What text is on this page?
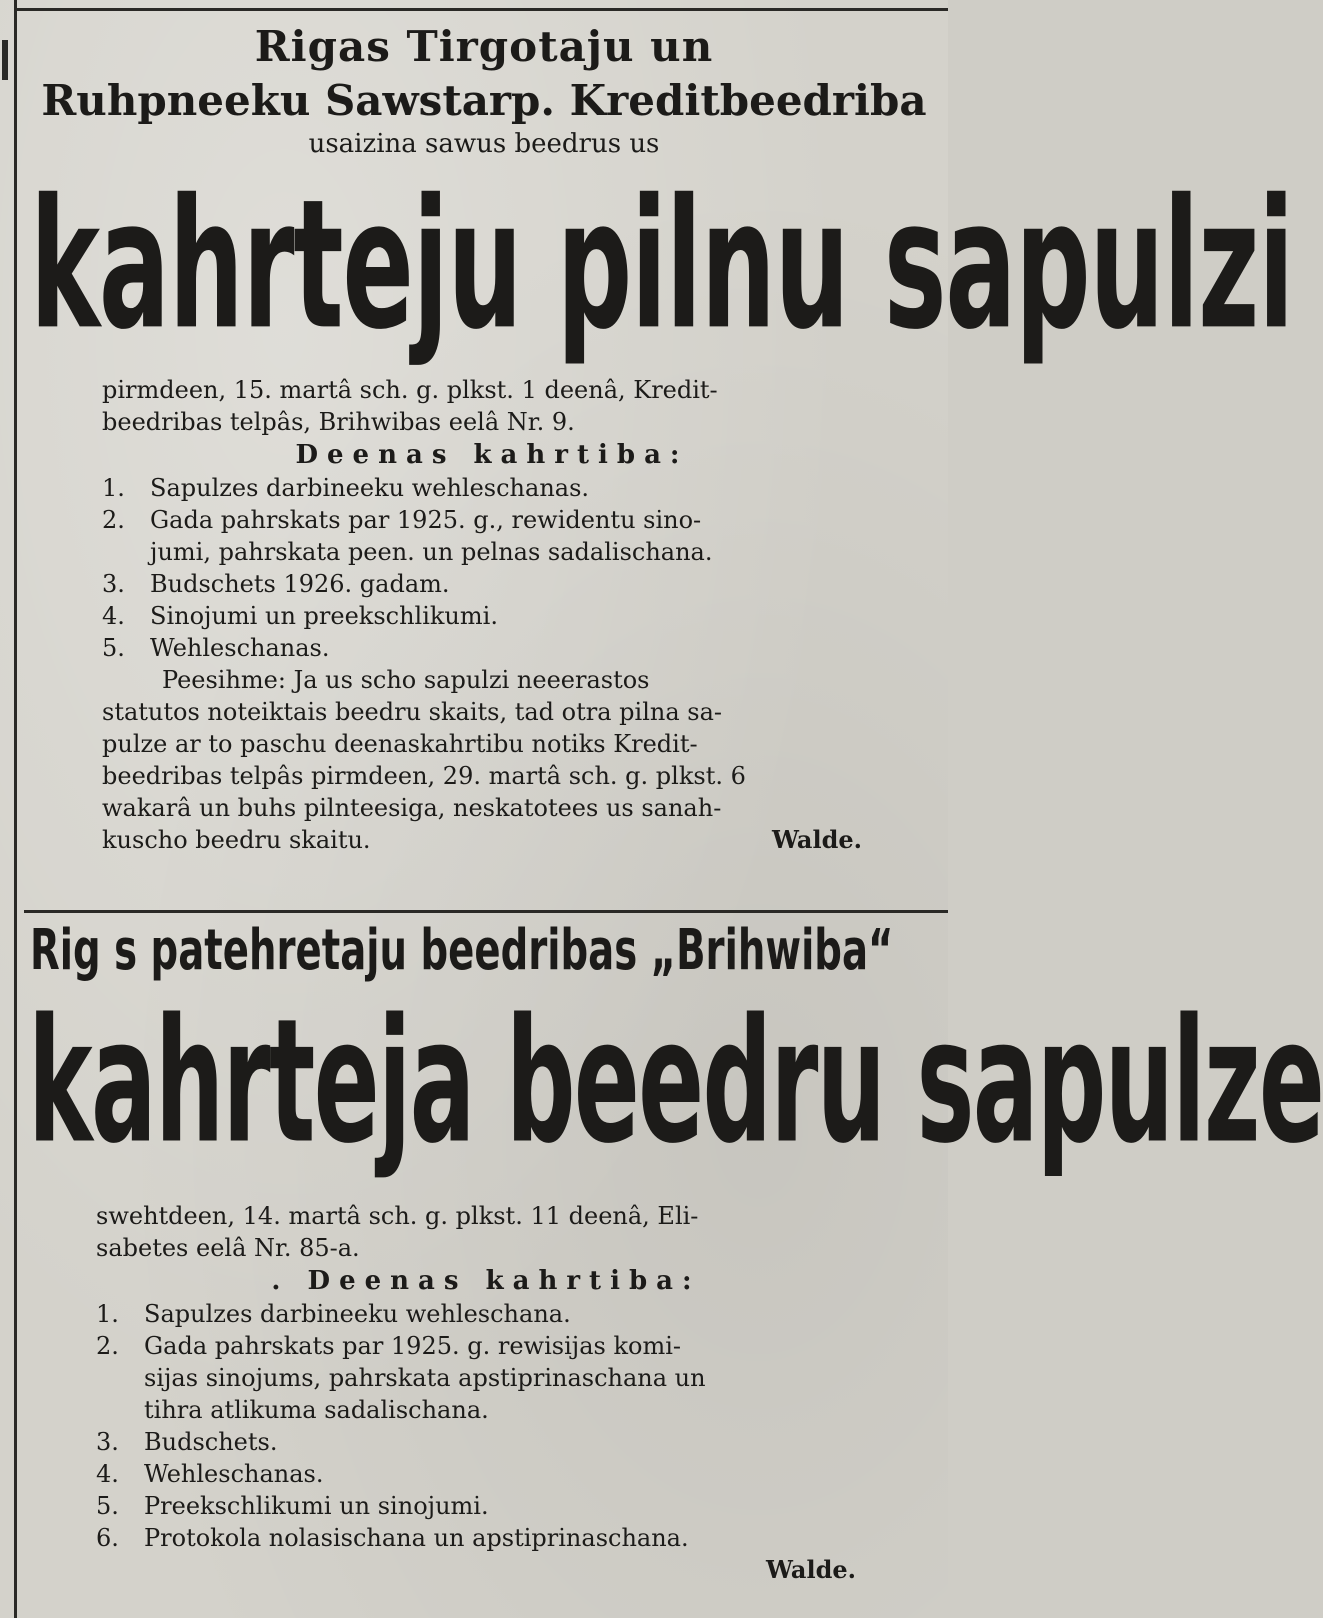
Rigas Tirgotaju un
Ruhpneeku Sawstarp. Kreditbeedriba
usaizina sawus beedrus us
kahrteju pilnu sapulzi

pirmdeen, 15. martâ sch. g. plkst. 1 deenâ, Kredit-

beedribas telpâs, Brihwibas eelâ Nr. 9.

Deenas kahrtiba:
1.	Sapulzes darbineeku wehleschanas.
2.	Gada pahrskats par 1925. g., rewidentu sino-
jumi, pahrskata peen. un pelnas sadalischana.
3.	Budschets 1926. gadam.
4.	Sinojumi un preekschlikumi.
5.	Wehleschanas.
Peesihme: Ja us scho sapulzi neeerastos
statutos noteiktais beedru skaits, tad otra pilna sa-
pulze ar to paschu deenaskahrtibu notiks Kredit-
beedribas telpâs pirmdeen, 29. martâ sch. g. plkst. 6
wakarâ un buhs pilnteesiga, neskatotees us sanah-
kuscho beedru skaitu.	Walde.
Rig s patehretaju beedribas „Brihwiba“
kahrteja beedru sapulze

swehtdeen, 14. martâ sch. g. plkst. 11 deenâ, Eli-

sabetes eelâ Nr. 85-a.

. Deenas kahrtiba:
1.	Sapulzes darbineeku wehleschana.
2.	Gada pahrskats par 1925. g. rewisijas komi-
sijas sinojums, pahrskata apstiprinaschana un
tihra atlikuma sadalischana.
3.	Budschets.
4.	Wehleschanas.
5.	Preekschlikumi un sinojumi.
6.	Protokola nolasischana un apstiprinaschana.
Walde.
